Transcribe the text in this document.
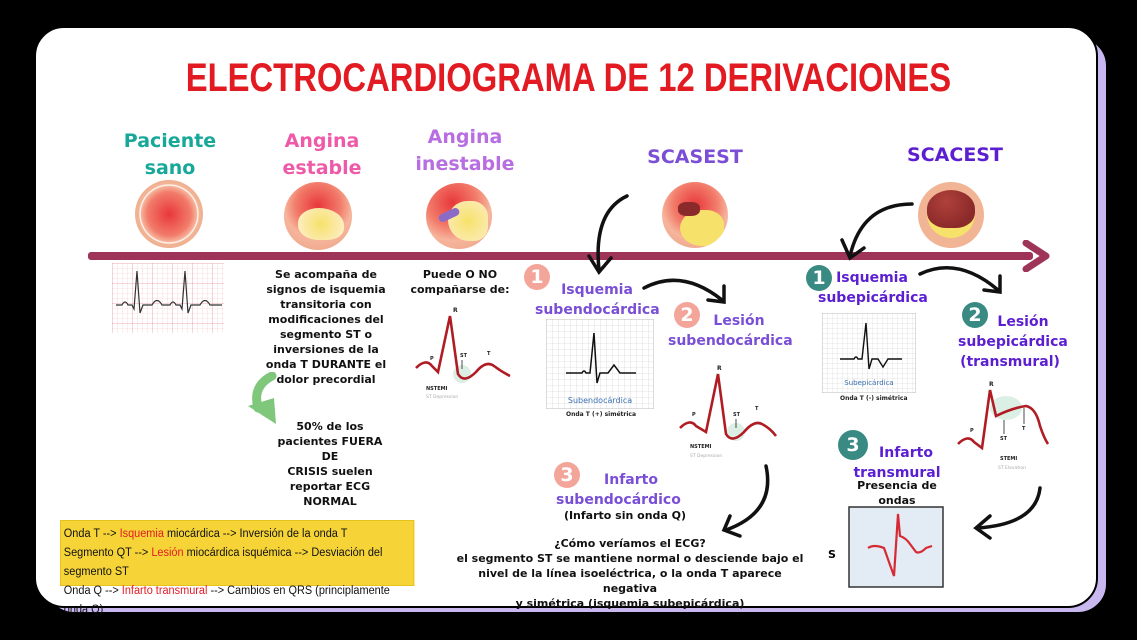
ELECTROCARDIOGRAMA DE 12 DERIVACIONES
Paciente
sano
Angina
estable
Angina
inestable	SCASEST	SCACEST
Se acompaña de
signos de isquemia
transitoria con
modificaciones del
segmento ST o
inversiones de la
onda T DURANTE el
dolor precordial
50% de los
pacientes FUERA DE
CRISIS suelen
reportar ECG
NORMAL
Puede O NO
compañarse de:
R
P	ST	T
NSTEMI
ST Depression
1
Isquemia
subendocárdica
Subendocárdica
Onda T (+) simétrica
2	Lesión
subendocárdica
R
P	ST
T
NSTEMI
ST Depression
3	Infarto
subendocárdico
(Infarto sin onda Q)
¿Cómo veríamos el ECG?
el segmento ST se mantiene normal o desciende bajo el
nivel de la línea isoeléctrica, o la onda T aparece negativa
y simétrica (isquemia subepicárdica)
1 Isquemia
subepicárdica
Subepicárdica
Onda T (-) simétrica
2	Lesión
subepicárdica
(transmural)
R
P
ST
T
STEMI
ST Elevation
3	Infarto
transmural
Presencia de ondas
S
Onda T --> Isquemia miocárdica --> Inversión de la onda T
Segmento QT --> Lesión miocárdica isquémica --> Desviación del segmento ST
Onda Q --> Infarto transmural --> Cambios en QRS (principlamente onda Q)
